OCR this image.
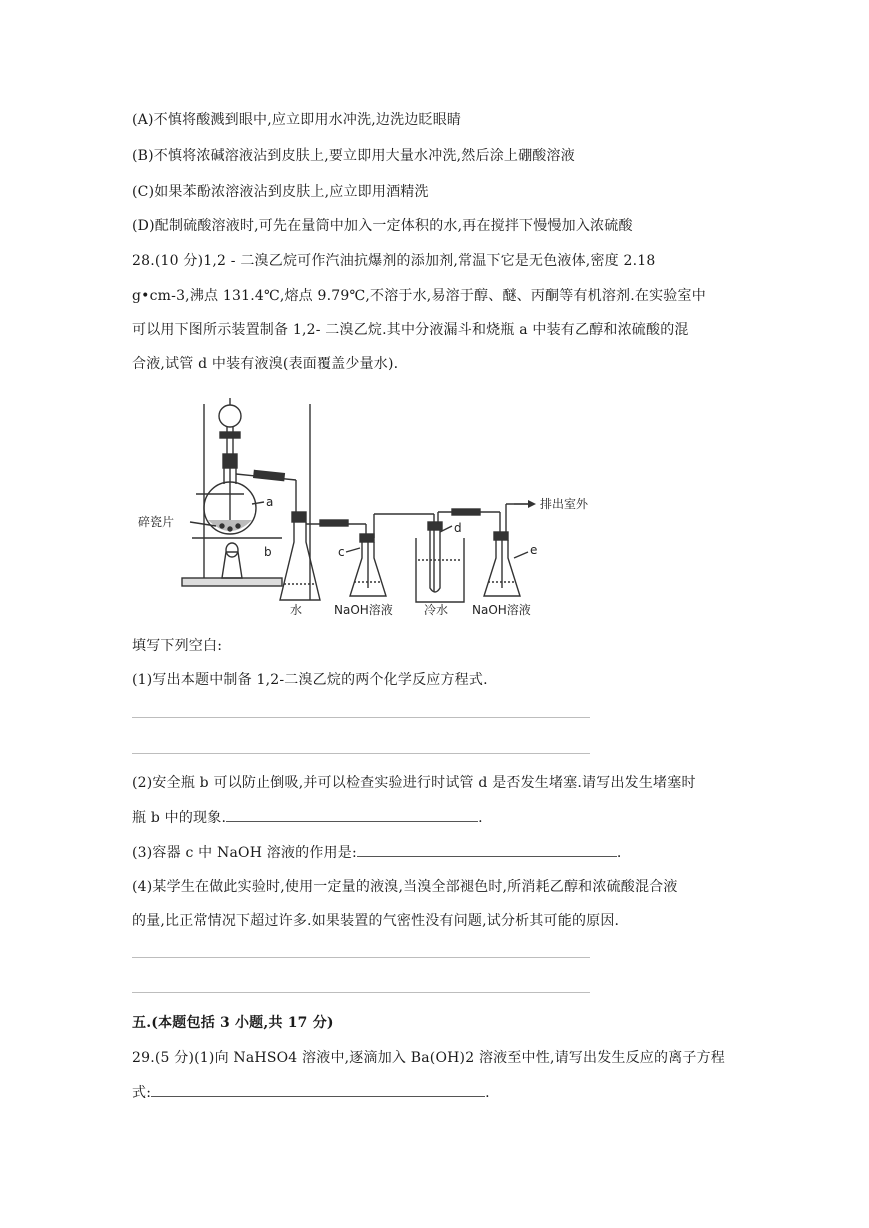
(A)不慎将酸溅到眼中,应立即用水冲洗,边洗边眨眼睛
(B)不慎将浓碱溶液沾到皮肤上,要立即用大量水冲洗,然后涂上硼酸溶液
(C)如果苯酚浓溶液沾到皮肤上,应立即用酒精洗
(D)配制硫酸溶液时,可先在量筒中加入一定体积的水,再在搅拌下慢慢加入浓硫酸
28.(10 分)1,2 - 二溴乙烷可作汽油抗爆剂的添加剂,常温下它是无色液体,密度 2.18
g•cm-3,沸点 131.4℃,熔点 9.79℃,不溶于水,易溶于醇、醚、丙酮等有机溶剂.在实验室中
可以用下图所示装置制备 1,2- 二溴乙烷.其中分液漏斗和烧瓶 a 中装有乙醇和浓硫酸的混
合液,试管 d 中装有液溴(表面覆盖少量水).
a
b	c
d
e
碎瓷片
水	NaOH溶液	冷水 NaOH溶液
排出室外
填写下列空白:
(1)写出本题中制备 1,2-二溴乙烷的两个化学反应方程式.
(2)安全瓶 b 可以防止倒吸,并可以检查实验进行时试管 d 是否发生堵塞.请写出发生堵塞时
瓶 b 中的现象.	.
(3)容器 c 中 NaOH 溶液的作用是:	.
(4)某学生在做此实验时,使用一定量的液溴,当溴全部褪色时,所消耗乙醇和浓硫酸混合液
的量,比正常情况下超过许多.如果装置的气密性没有问题,试分析其可能的原因.
五.(本题包括 3 小题,共 17 分)
29.(5 分)(1)向 NaHSO4 溶液中,逐滴加入 Ba(OH)2 溶液至中性,请写出发生反应的离子方程
式:	.
